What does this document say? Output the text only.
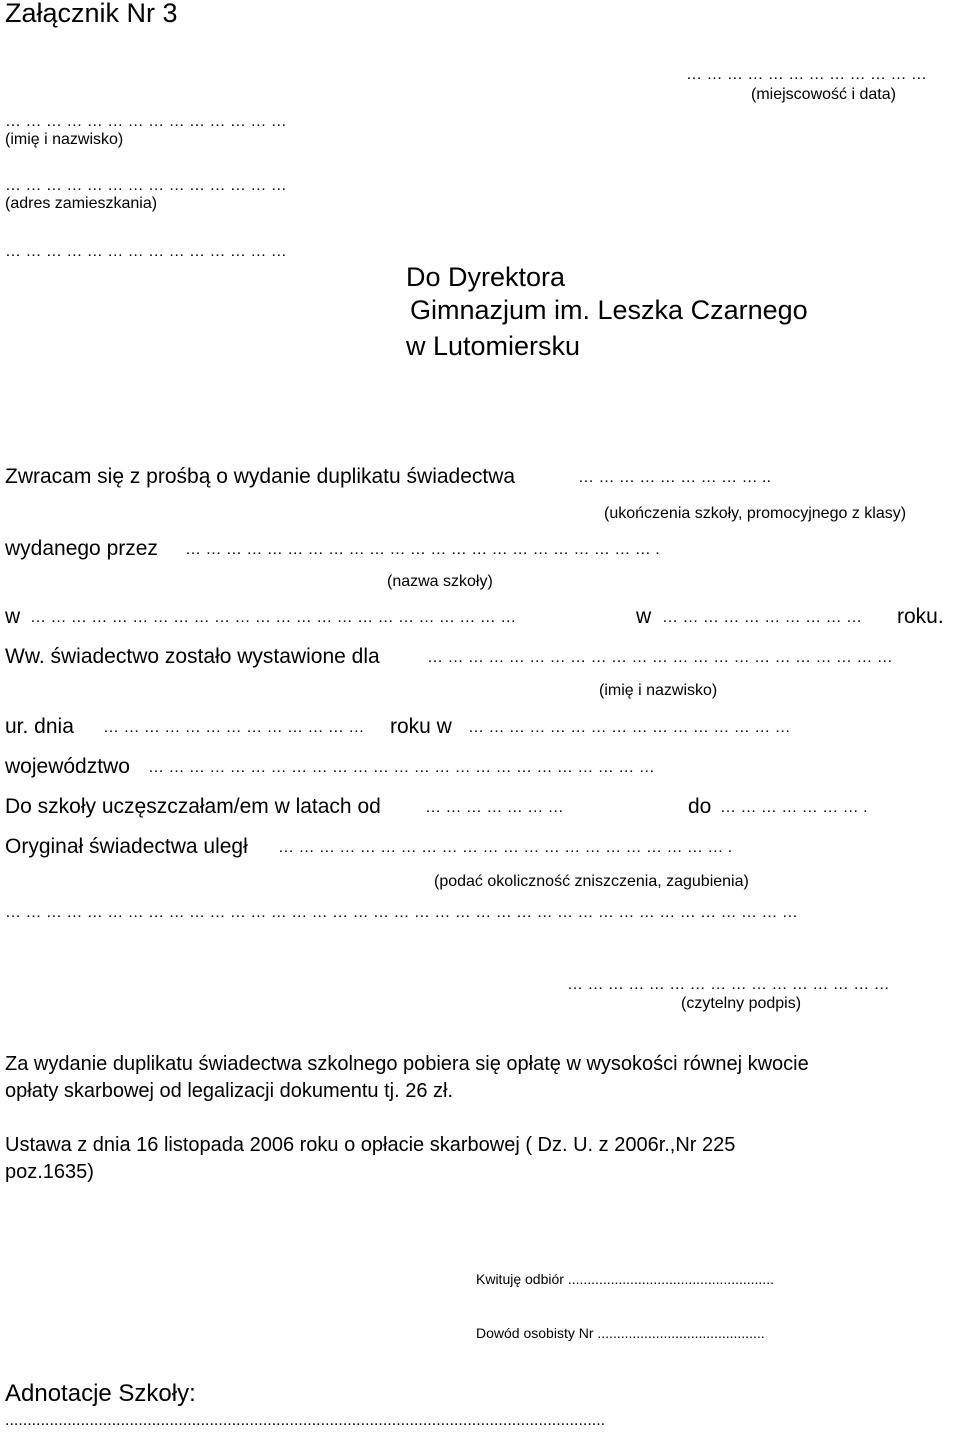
Załącznik Nr 3
… … … … … … … … … … … …
(miejscowość i data)
… … … … … … … … … … … … … …
(imię i nazwisko)
… … … … … … … … … … … … … …
(adres zamieszkania)
… … … … … … … … … … … … … …
Do Dyrektora
Gimnazjum im. Leszka Czarnego
w Lutomiersku
Zwracam się z prośbą o wydanie duplikatu świadectwa	… … … … … … … … … ..
(ukończenia szkoły, promocyjnego z klasy)
wydanego przez … … … … … … … … … … … … … … … … … … … … … … … .
(nazwa szkoły)
w … … … … … … … … … … … … … … … … … … … … … … … …	w … … … … … … … … … … roku.
Ww. świadectwo zostało wystawione dla	… … … … … … … … … … … … … … … … … … … … … … …
(imię i nazwisko)
ur. dnia … … … … … … … … … … … … … roku w … … … … … … … … … … … … … … … …
województwo … … … … … … … … … … … … … … … … … … … … … … … … …
Do szkoły uczęszczałam/em w latach od	… … … … … … …	do … … … … … … … .
Oryginał świadectwa uległ … … … … … … … … … … … … … … … … … … … … … … .
(podać okoliczność zniszczenia, zagubienia)
… … … … … … … … … … … … … … … … … … … … … … … … … … … … … … … … … … … … … … …
… … … … … … … … … … … … … … … …
(czytelny podpis)
Za wydanie duplikatu świadectwa szkolnego pobiera się opłatę w wysokości równej kwocie
opłaty skarbowej od legalizacji dokumentu tj. 26 zł.
Ustawa z dnia 16 listopada 2006 roku o opłacie skarbowej ( Dz. U. z 2006r.,Nr 225
poz.1635)
Kwituję odbiór .....................................................
Dowód osobisty Nr ...........................................
Adnotacje Szkoły:
.......................................................................................................................................
